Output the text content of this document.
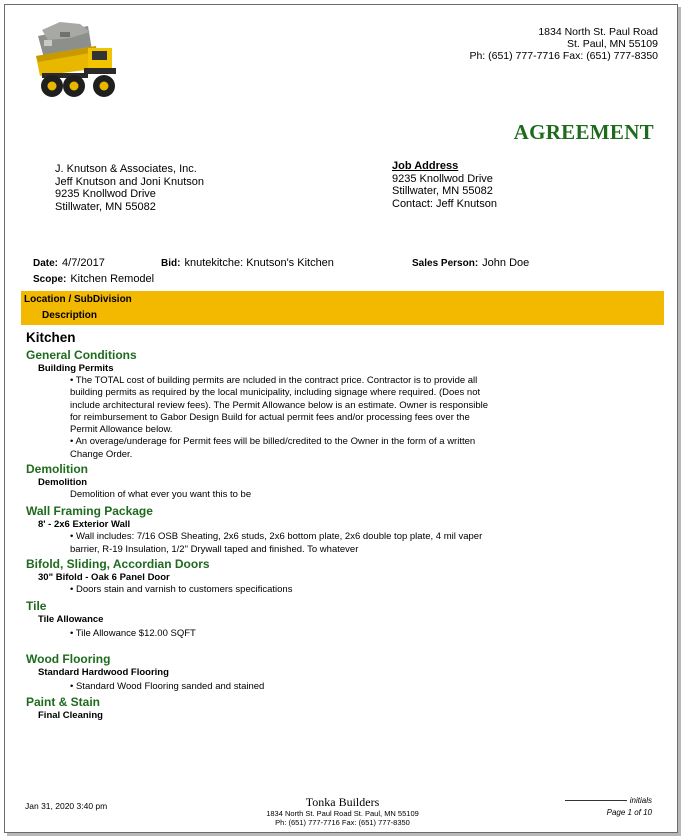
1834 North St. Paul Road
St. Paul, MN 55109
Ph: (651) 777-7716 Fax: (651) 777-8350
AGREEMENT
J. Knutson & Associates, Inc.
Jeff Knutson and Joni Knutson
9235 Knollwod Drive
Stillwater, MN 55082
Job Address
9235 Knollwod Drive
Stillwater, MN 55082
Contact: Jeff Knutson
Date: 4/7/2017	Bid: knutekitche: Knutson's Kitchen	Sales Person: John Doe
Scope: Kitchen Remodel
Location / SubDivision
Description
Kitchen
General Conditions
Building Permits
• The TOTAL cost of building permits are ncluded in the contract price. Contractor is to provide all
building permits as required by the local municipality, including signage where required. (Does not
include architectural review fees). The Permit Allowance below is an estimate. Owner is responsible
for reimbursement to Gabor Design Build for actual permit fees and/or processing fees over the
Permit Allowance below.
• An overage/underage for Permit fees will be billed/credited to the Owner in the form of a written
Change Order.
Demolition
Demolition
Demolition of what ever you want this to be
Wall Framing Package
8' - 2x6 Exterior Wall
• Wall includes: 7/16 OSB Sheating, 2x6 studs, 2x6 bottom plate, 2x6 double top plate, 4 mil vaper
barrier, R-19 Insulation, 1/2" Drywall taped and finished. To whatever
Bifold, Sliding, Accordian Doors
30" Bifold - Oak 6 Panel Door
• Doors stain and varnish to customers specifications
Tile
Tile Allowance
• Tile Allowance $12.00 SQFT
Wood Flooring
Standard Hardwood Flooring
• Standard Wood Flooring sanded and stained
Paint & Stain
Final Cleaning
Jan 31, 2020 3:40 pm	Tonka Builders
1834 North St. Paul Road St. Paul, MN 55109
Ph: (651) 777-7716 Fax: (651) 777-8350
initials
Page 1 of 10
